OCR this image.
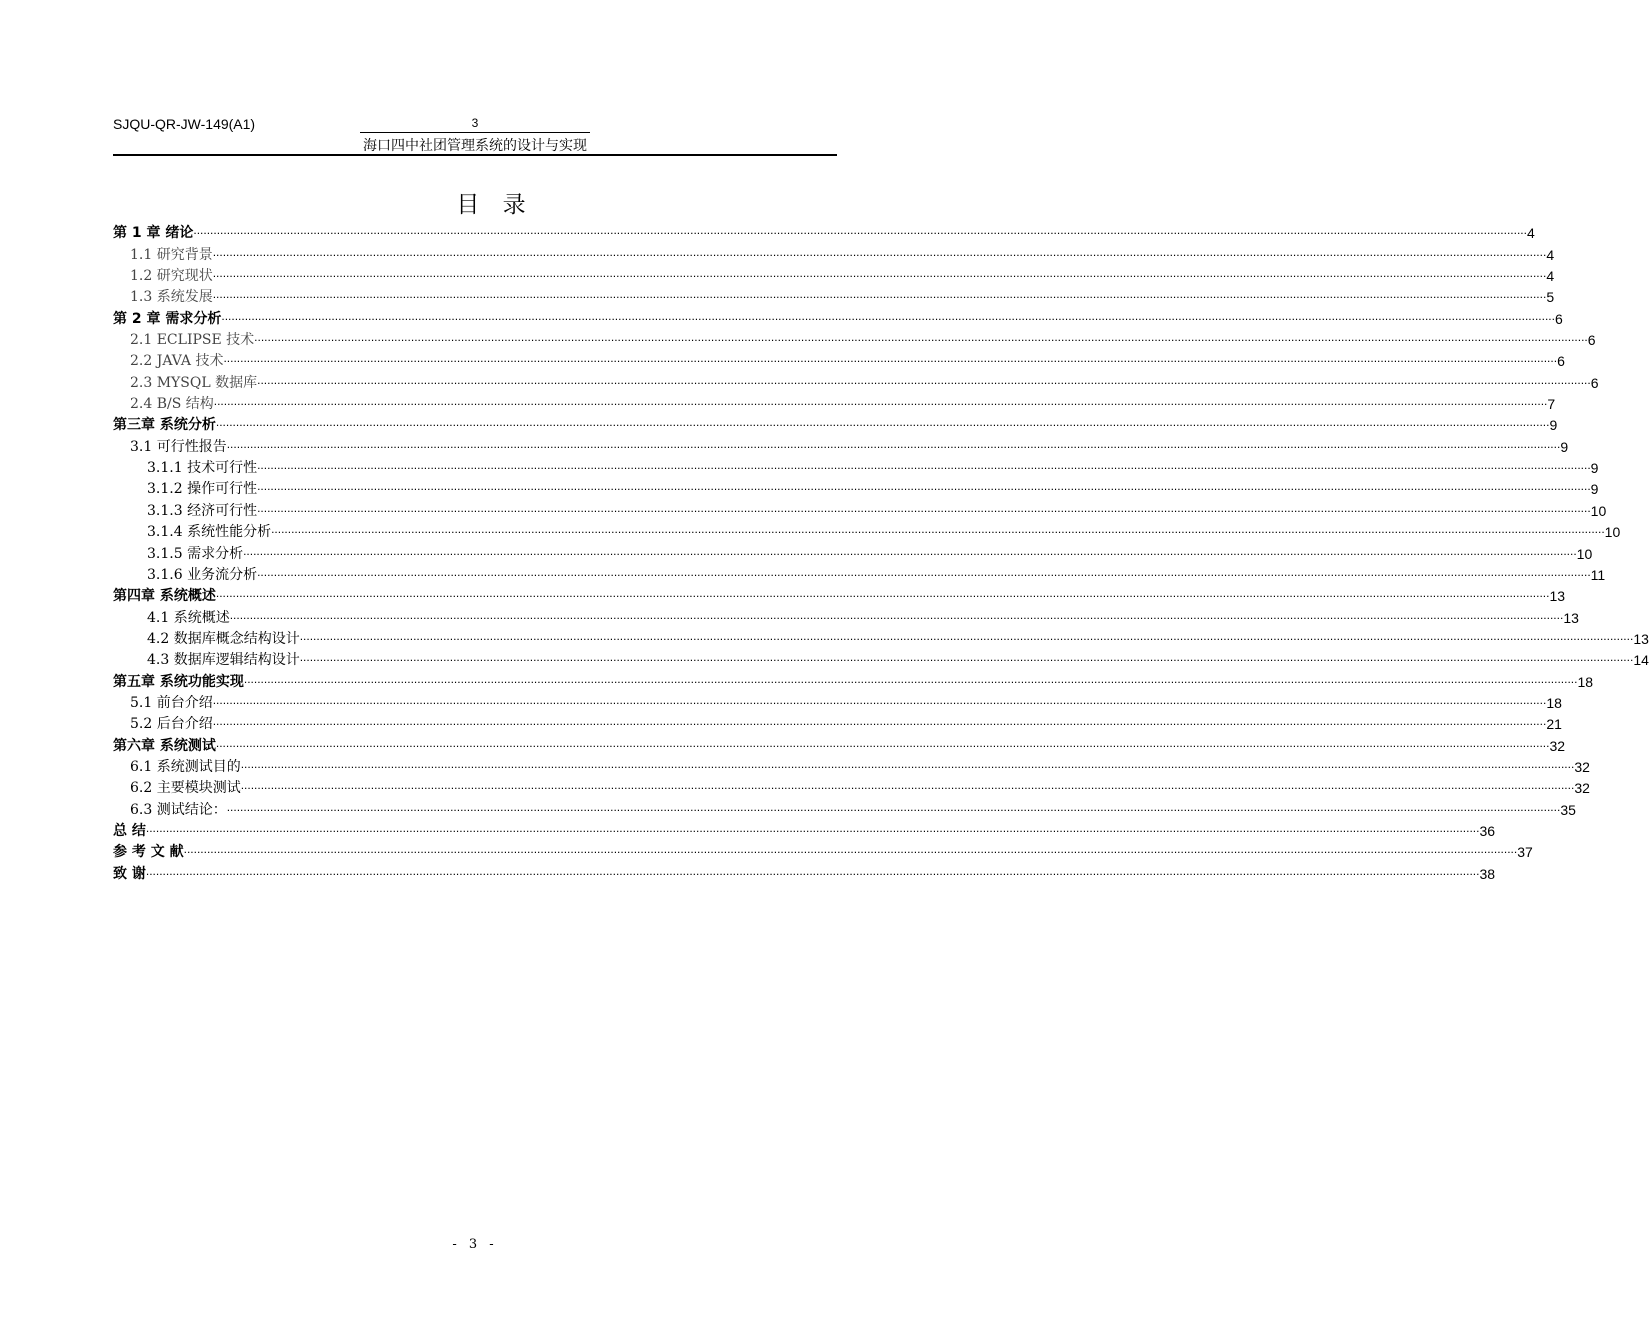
SJQU-QR-JW-149(A1)	3
海口四中社团管理系统的设计与实现
目 录
第 1 章 绪论 ................................................................................................................................................................................................................................................................................................................................................................................................................ 4
1.1 研究背景 ................................................................................................................................................................................................................................................................................................................................................................................................................ 4
1.2 研究现状 ................................................................................................................................................................................................................................................................................................................................................................................................................ 4
1.3 系统发展 ................................................................................................................................................................................................................................................................................................................................................................................................................ 5
第 2 章 需求分析 ................................................................................................................................................................................................................................................................................................................................................................................................................ 6
2.1 ECLIPSE 技术 ................................................................................................................................................................................................................................................................................................................................................................................................................ 6
2.2 JAVA 技术 ................................................................................................................................................................................................................................................................................................................................................................................................................ 6
2.3 MYSQL 数据库 ................................................................................................................................................................................................................................................................................................................................................................................................................ 6
2.4 B/S 结构 ................................................................................................................................................................................................................................................................................................................................................................................................................ 7
第三章 系统分析 ................................................................................................................................................................................................................................................................................................................................................................................................................ 9
3.1 可行性报告 ................................................................................................................................................................................................................................................................................................................................................................................................................ 9
3.1.1 技术可行性 ................................................................................................................................................................................................................................................................................................................................................................................................................ 9
3.1.2 操作可行性 ................................................................................................................................................................................................................................................................................................................................................................................................................ 9
3.1.3 经济可行性 ................................................................................................................................................................................................................................................................................................................................................................................................................ 10
3.1.4 系统性能分析 ................................................................................................................................................................................................................................................................................................................................................................................................................ 10
3.1.5 需求分析 ................................................................................................................................................................................................................................................................................................................................................................................................................ 10
3.1.6 业务流分析 ................................................................................................................................................................................................................................................................................................................................................................................................................ 11
第四章 系统概述 ................................................................................................................................................................................................................................................................................................................................................................................................................ 13
4.1 系统概述 ................................................................................................................................................................................................................................................................................................................................................................................................................ 13
4.2 数据库概念结构设计 ................................................................................................................................................................................................................................................................................................................................................................................................................ 13
4.3 数据库逻辑结构设计 ................................................................................................................................................................................................................................................................................................................................................................................................................ 14
第五章 系统功能实现 ................................................................................................................................................................................................................................................................................................................................................................................................................ 18
5.1 前台介绍 ................................................................................................................................................................................................................................................................................................................................................................................................................ 18
5.2 后台介绍 ................................................................................................................................................................................................................................................................................................................................................................................................................ 21
第六章 系统测试 ................................................................................................................................................................................................................................................................................................................................................................................................................ 32
6.1 系统测试目的 ................................................................................................................................................................................................................................................................................................................................................................................................................ 32
6.2 主要模块测试 ................................................................................................................................................................................................................................................................................................................................................................................................................ 32
6.3 测试结论： ................................................................................................................................................................................................................................................................................................................................................................................................................ 35
总 结 ................................................................................................................................................................................................................................................................................................................................................................................................................ 36
参 考 文 献 ................................................................................................................................................................................................................................................................................................................................................................................................................ 37
致 谢 ................................................................................................................................................................................................................................................................................................................................................................................................................ 38
- 3 -
